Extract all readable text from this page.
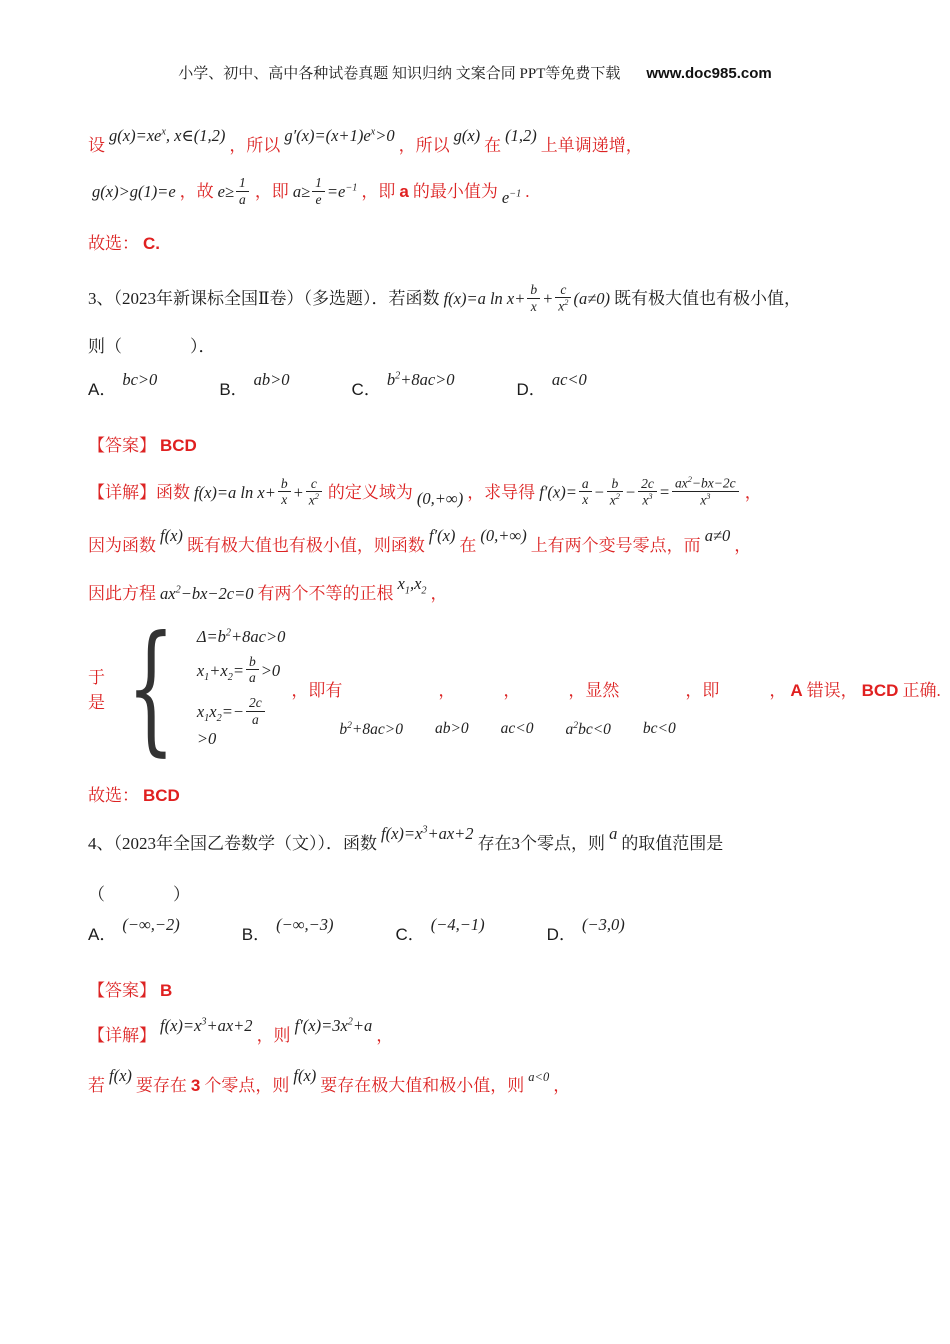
小学、初中、高中各种试卷真题 知识归纳 文案合同 PPT等免费下载 www.doc985.com
设$g(x)=xe^x$, x∈(1,2)，所以$g'(x)=(x+1)e^x>0$，所以g(x)在(1,2)上单调递增，
g(x)>g(1)=e ，故 $e\ge \frac{1}{a}$ ，即 $a\ge \frac{1}{e} =e^{-1}$ ，即 a 的最小值为 $e^{-1}$ .
故选： C.
3、（2023年新课标全国Ⅱ卷）（多选题）．若函数 f(x)=a $\ln x+ \frac{b}{x} + \frac{c}{x^2} (a\ne 0)$ 既有极大值也有极小值，
则（　　　　）．
A．bc>0B．ab>0C．$b^2+8ac>0D$．ac<0
【答案】 BCD
【详解】函数 f(x)=a $\ln x+ \frac{b}{x} + \frac{c}{x^2}$ 的定义域为 (0,+∞) ，求导得 $f'(x)= \frac{a}{x} - \frac{b}{x^2} - \frac{2c}{x^3} = \frac{ax^2-bx-2c}{x^3}$ ，
因为函数f(x)既有极大值也有极小值，则函数f′(x)在(0,+∞)上有两个变号零点，而a≠0，
因此方程 $ax^2-bx-2c=0$ 有两个不等的正根$x_1,x_2$ ，
于是 { $\Delta=b^2+8ac>0$
$x_1+x_2= \frac{b}{a} >0$
$x_1x_2=- \frac{2c}{a}$
>0
，即有	，	，	，显然	，即	， A 错误， BCD 正确.
$b^2+8ac>0$ ab>0 ac<0 $a^2bc<0$ bc<0
故选： BCD
4、（2023年全国乙卷数学（文））．函数$f(x)=x^3+ax+2$存在3个零点，则a的取值范围是
（　　　　）
A．(−∞,−2)B．(−∞,−3)C．(−4,−1)D．(−3,0)
【答案】 B
【详解】$f(x)=x^3+ax+2$，则$f'(x)=3x^2+a$，
若f(x)要存在 3 个零点，则f(x)要存在极大值和极小值，则 a<0 ，
